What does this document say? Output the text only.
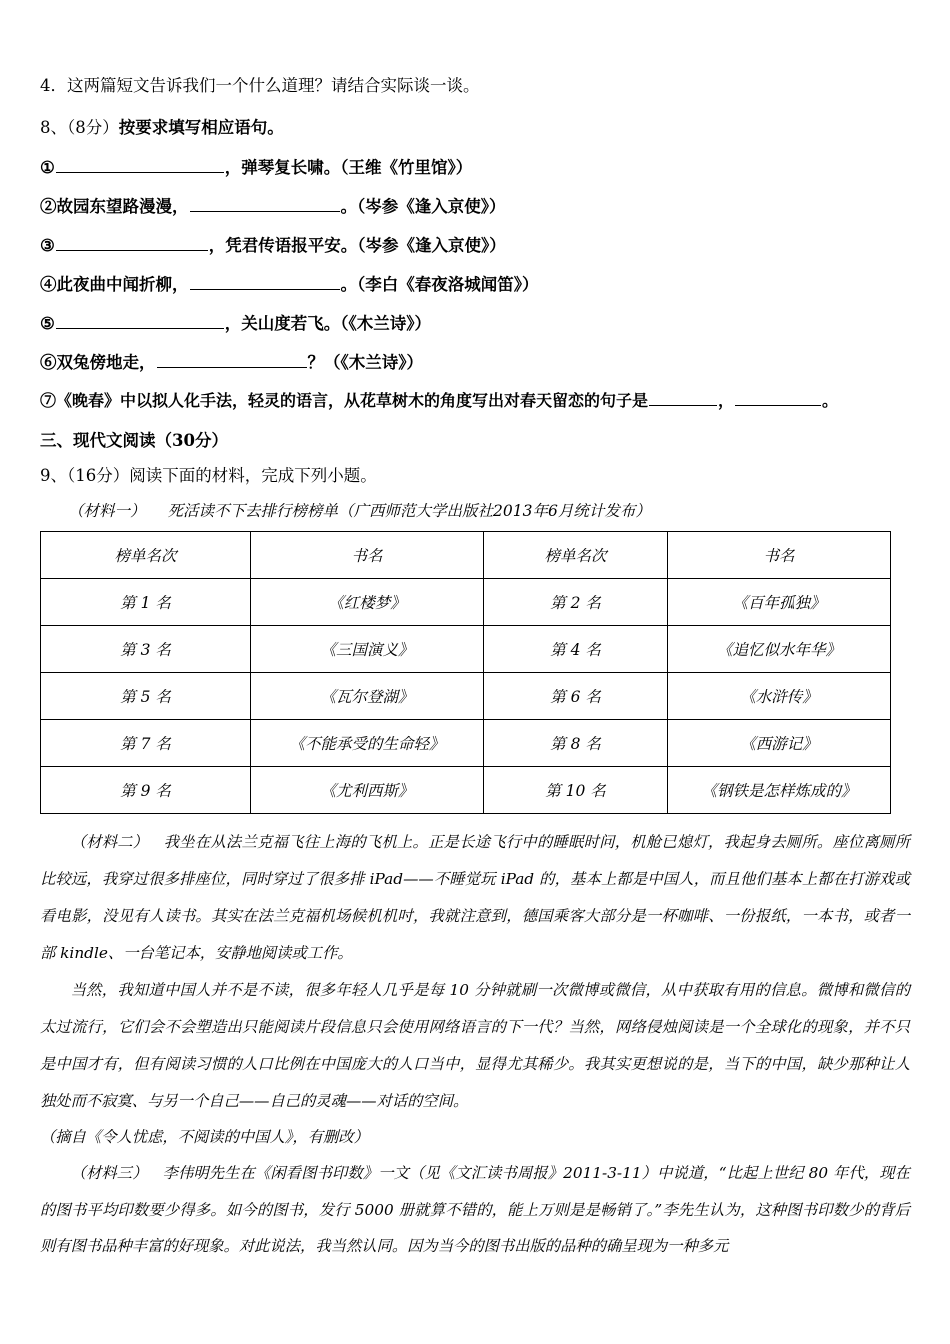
4．这两篇短文告诉我们一个什么道理？请结合实际谈一谈。
8、（8分）按要求填写相应语句。
①	，弹琴复长啸。（王维《竹里馆》）
②故园东望路漫漫，	。（岑参《逢入京使》）
③	，凭君传语报平安。（岑参《逢入京使》）
④此夜曲中闻折柳，	。（李白《春夜洛城闻笛》）
⑤	，关山度若飞。（《木兰诗》）
⑥双兔傍地走，	？（《木兰诗》）
⑦《晚春》中以拟人化手法，轻灵的语言，从花草树木的角度写出对春天留恋的句子是	，	。
三、现代文阅读（30分）
9、（16分）阅读下面的材料，完成下列小题。
（材料一） 死活读不下去排行榜榜单（广西师范大学出版社2013年6月统计发布）
榜单名次	书名	榜单名次	书名
第 1 名	《红楼梦》	第 2 名	《百年孤独》
第 3 名	《三国演义》	第 4 名	《追忆似水年华》
第 5 名	《瓦尔登湖》	第 6 名	《水浒传》
第 7 名	《不能承受的生命轻》	第 8 名	《西游记》
第 9 名	《尤利西斯》	第 10 名	《钢铁是怎样炼成的》

（材料二） 我坐在从法兰克福飞往上海的飞机上。正是长途飞行中的睡眠时问，机舱已熄灯，我起身去厕所。座位离厕所比较远，我穿过很多排座位，同时穿过了很多排 iPad——不睡觉玩 iPad 的，基本上都是中国人，而且他们基本上都在打游戏或看电影，没见有人读书。其实在法兰克福机场候机机吋，我就注意到，德国乘客大部分是一杯咖啡、一份报纸，一本书，或者一部 kindle、一台笔记本，安静地阅读或工作。

当然，我知道中国人并不是不读，很多年轻人几乎是每 10 分钟就刷一次微博或微信，从中获取有用的信息。微博和微信的太过流行，它们会不会塑造出只能阅读片段信息只会使用网络语言的下一代？当然，网络侵烛阅读是一个全球化的现象，并不只是中国才有，但有阅读习惯的人口比例在中国庞大的人口当中，显得尤其稀少。我其实更想说的是，当下的中国，缺少那种让人独处而不寂寞、与另一个自己——自己的灵魂——对话的空间。

（摘自《令人忧虑，不阅读的中国人》，有删改）

（材料三） 李伟明先生在《闲看图书印数》一文（见《文汇读书周报》2011-3-11）中说道，“比起上世纪 80 年代，现在的图书平均印数要少得多。如今的图书，发行 5000 册就算不错的，能上万则是是畅销了。”李先生认为，这种图书印数少的背后则有图书品种丰富的好现象。对此说法，我当然认同。因为当今的图书出版的品种的确呈现为一种多元
